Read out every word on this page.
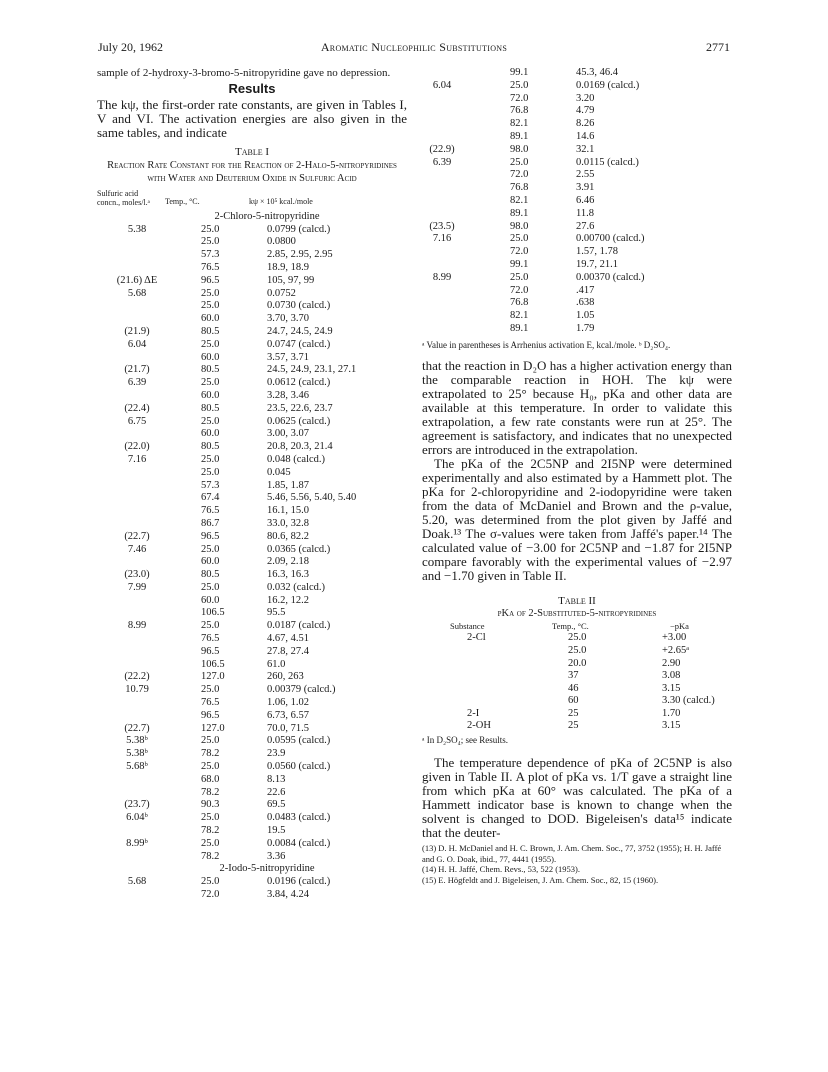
July 20, 1962	Aromatic Nucleophilic Substitutions	2771
sample of 2-hydroxy-3-bromo-5-nitropyridine gave no depression.
Results
The kψ, the first-order rate constants, are given in Tables I, V and VI. The activation energies are also given in the same tables, and indicate
Table I
Reaction Rate Constant for the Reaction of 2-Halo-5-nitropyridines with Water and Deuterium Oxide in Sulfuric Acid
Sulfuric acid concn., moles/l.ᵃ	Temp., °C.	kψ × 10⁵ kcal./mole
2-Chloro-5-nitropyridine
5.38	25.0	0.0799 (calcd.)
25.0	0.0800
57.3	2.85, 2.95, 2.95
76.5	18.9, 18.9
(21.6) ΔE	96.5	105, 97, 99
5.68	25.0	0.0752
25.0	0.0730 (calcd.)
60.0	3.70, 3.70
(21.9)	80.5	24.7, 24.5, 24.9
6.04	25.0	0.0747 (calcd.)
60.0	3.57, 3.71
(21.7)	80.5	24.5, 24.9, 23.1, 27.1
6.39	25.0	0.0612 (calcd.)
60.0	3.28, 3.46
(22.4)	80.5	23.5, 22.6, 23.7
6.75	25.0	0.0625 (calcd.)
60.0	3.00, 3.07
(22.0)	80.5	20.8, 20.3, 21.4
7.16	25.0	0.048 (calcd.)
25.0	0.045
57.3	1.85, 1.87
67.4	5.46, 5.56, 5.40, 5.40
76.5	16.1, 15.0
86.7	33.0, 32.8
(22.7)	96.5	80.6, 82.2
7.46	25.0	0.0365 (calcd.)
60.0	2.09, 2.18
(23.0)	80.5	16.3, 16.3
7.99	25.0	0.032 (calcd.)
60.0	16.2, 12.2
106.5	95.5
8.99	25.0	0.0187 (calcd.)
76.5	4.67, 4.51
96.5	27.8, 27.4
106.5	61.0
(22.2)	127.0	260, 263
10.79	25.0	0.00379 (calcd.)
76.5	1.06, 1.02
96.5	6.73, 6.57
(22.7)	127.0	70.0, 71.5
5.38ᵇ	25.0	0.0595 (calcd.)
5.38ᵇ	78.2	23.9
5.68ᵇ	25.0	0.0560 (calcd.)
68.0	8.13
78.2	22.6
(23.7)	90.3	69.5
6.04ᵇ	25.0	0.0483 (calcd.)
78.2	19.5
8.99ᵇ	25.0	0.0084 (calcd.)
78.2	3.36
2-Iodo-5-nitropyridine
5.68	25.0	0.0196 (calcd.)
72.0	3.84, 4.24
99.1	45.3, 46.4
6.04	25.0	0.0169 (calcd.)
72.0	3.20
76.8	4.79
82.1	8.26
89.1	14.6
(22.9)	98.0	32.1
6.39	25.0	0.0115 (calcd.)
72.0	2.55
76.8	3.91
82.1	6.46
89.1	11.8
(23.5)	98.0	27.6
7.16	25.0	0.00700 (calcd.)
72.0	1.57, 1.78
99.1	19.7, 21.1
8.99	25.0	0.00370 (calcd.)
72.0	.417
76.8	.638
82.1	1.05
89.1	1.79
ᵃ Value in parentheses is Arrhenius activation E, kcal./mole. ᵇ D₂SO₄.
that the reaction in D₂O has a higher activation energy than the comparable reaction in HOH. The kψ were extrapolated to 25° because H₀, pKa and other data are available at this temperature. In order to validate this extrapolation, a few rate constants were run at 25°. The agreement is satisfactory, and indicates that no unexpected errors are introduced in the extrapolation.
The pKa of the 2C5NP and 2I5NP were determined experimentally and also estimated by a Hammett plot. The pKa for 2-chloropyridine and 2-iodopyridine were taken from the data of McDaniel and Brown and the ρ-value, 5.20, was determined from the plot given by Jaffé and Doak.¹³ The σ-values were taken from Jaffé's paper.¹⁴ The calculated value of −3.00 for 2C5NP and −1.87 for 2I5NP compare favorably with the experimental values of −2.97 and −1.70 given in Table II.
Table II
pKa of 2-Substituted-5-nitropyridines
Substance	Temp., °C.	−pKa
2-Cl	25.0	+3.00
25.0	+2.65ᵃ
20.0	2.90
37	3.08
46	3.15
60	3.30 (calcd.)
2-I	25	1.70
2-OH	25	3.15
ᵃ In D₂SO₄; see Results.
The temperature dependence of pKa of 2C5NP is also given in Table II. A plot of pKa vs. 1/T gave a straight line from which pKa at 60° was calculated. The pKa of a Hammett indicator base is known to change when the solvent is changed to DOD. Bigeleisen's data¹⁵ indicate that the deuter-
(13) D. H. McDaniel and H. C. Brown, J. Am. Chem. Soc., 77, 3752 (1955); H. H. Jaffé and G. O. Doak, ibid., 77, 4441 (1955).
(14) H. H. Jaffé, Chem. Revs., 53, 522 (1953).
(15) E. Högfeldt and J. Bigeleisen, J. Am. Chem. Soc., 82, 15 (1960).
